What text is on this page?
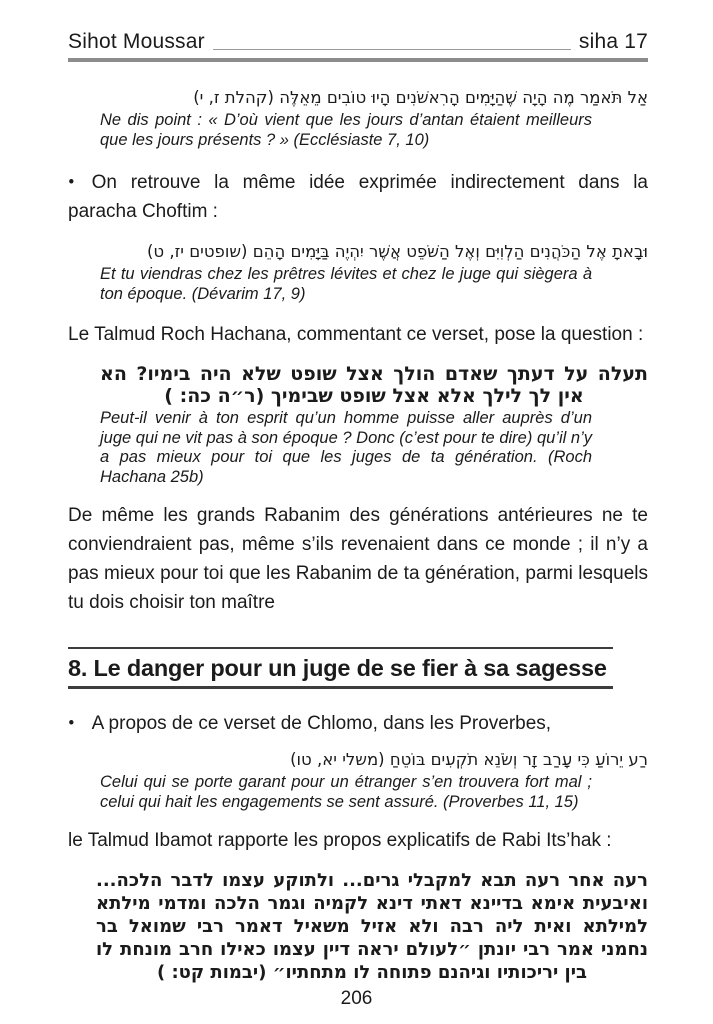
Sihot Moussar	siha 17
אַל תֹּאמַר מֶה הָיָה שֶׁהַיָּמִים הָרִאשֹׁנִים הָיוּ טוֹבִים מֵאֵלֶּה (קהלת ז, י)
Ne dis point : « D’où vient que les jours d’antan étaient meilleurs que les jours présents ? » (Ecclésiaste 7, 10)

• On retrouve la même idée exprimée indirectement dans la paracha Choftim :

וּבָאתָ אֶל הַכֹּהֲנִים הַלְוִיִּם וְאֶל הַשֹּׁפֵט אֲשֶׁר יִהְיֶה בַּיָּמִים הָהֵם (שופטים יז, ט)
Et tu viendras chez les prêtres lévites et chez le juge qui siègera à ton époque. (Dévarim 17, 9)

Le Talmud Roch Hachana, commentant ce verset, pose la question :

תעלה על דעתך שאדם הולך אצל שופט שלא היה בימיו? הא אין לך לילך אלא אצל שופט שבימיך (ר״ה כה: )
Peut-il venir à ton esprit qu’un homme puisse aller auprès d’un juge qui ne vit pas à son époque ? Donc (c’est pour te dire) qu’il n’y a pas mieux pour toi que les juges de ta génération. (Roch Hachana 25b)

De même les grands Rabanim des générations antérieures ne te conviendraient pas, même s’ils revenaient dans ce monde ; il n’y a pas mieux pour toi que les Rabanim de ta génération, parmi lesquels tu dois choisir ton maître

8. Le danger pour un juge de se fier à sa sagesse

• A propos de ce verset de Chlomo, dans les Proverbes,

רַע יֵרוֹעַ כִּי עָרַב זָר וְשֹׂנֵא תֹקְעִים בּוֹטֵחַ (משלי יא, טו)
Celui qui se porte garant pour un étranger s’en trouvera fort mal ; celui qui hait les engagements se sent assuré. (Proverbes 11, 15)

le Talmud Ibamot rapporte les propos explicatifs de Rabi Its’hak :

רעה אחר רעה תבא למקבלי גרים... ולתוקע עצמו לדבר הלכה... ואיבעית אימא בדיינא דאתי דינא לקמיה וגמר הלכה ומדמי מילתא למילתא ואית ליה רבה ולא אזיל משאיל דאמר רבי שמואל בר נחמני אמר רבי יונתן ״לעולם יראה דיין עצמו כאילו חרב מונחת לו בין יריכותיו וגיהנם פתוחה לו מתחתיו״ (יבמות קט: )
206
